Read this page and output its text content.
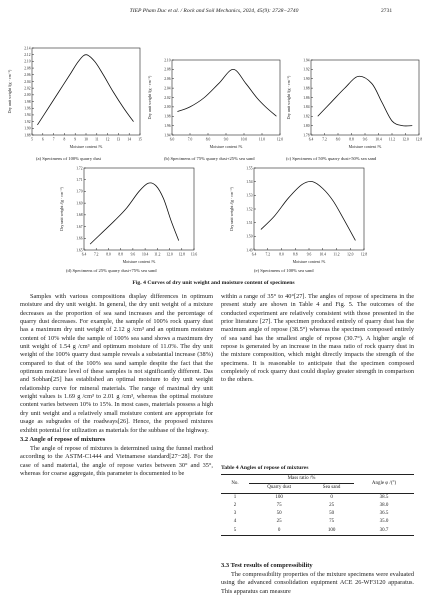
TIEP Pham Duc et al. / Rock and Soil Mechanics, 2024, 45(9): 2728−2740	2731
5	6	7	8	9 10 11 12 13 14 15
1.88
1.90
1.92
1.94
1.96
1.98
2.00
2.02
2.04
2.06
2.08
2.10
2.12
2.14
Moisture content /%
Dry unit weight /(g · cm⁻³)
6.0	7.0	8.0	9.0	10.0	11.0	12.0
1.94
1.96
1.98
2.00
2.02
2.04
2.06
2.08
2.10
Moisture content /%
Dry unit weight /(g · cm⁻³)
6.4	7.2	8.0	8.8	9.6 10.4 11.2 12.0 12.8
1.78
1.80
1.82
1.84
1.86
1.88
1.90
1.92
1.94
Moisture content /%
Dry unit weight /(g · cm⁻³)
6.4 7.2 8.0 8.8 9.6 10.4 11.2 12.0 12.8 13.6
1.65
1.66
1.67
1.68
1.69
1.70
1.71
1.72
Moisture content /%
Dry unit weight /(g · cm⁻³)
6.4	7.2	8.0	8.8	9.6 10.4 11.2 12.0 12.8
1.49
1.50
1.51
1.52
1.53
1.54
1.55
Moisture content /%
Dry unit weight /(g · cm⁻³)
(a) Specimens of 100% quarry dust	(b) Specimens of 75% quarry dust+25% sea sand	(c) Specimens of 50% quarry dust+50% sea sand
(d) Specimens of 25% quarry dust+75% sea sand	(e) Specimens of 100% sea sand
Fig. 4 Curves of dry unit weight and moisture content of specimens

Samples with various compositions display differences in optimum moisture and dry unit weight. In general, the dry unit weight of a mixture decreases as the proportion of sea sand increases and the percentage of quarry dust decreases. For example, the sample of 100% rock quarry dust has a maximum dry unit weight of 2.12 g /cm³ and an optimum moisture content of 10% while the sample of 100% sea sand shows a maximum dry unit weight of 1.54 g /cm³ and optimum moisture of 11.0%. The dry unit weight of the 100% quarry dust sample reveals a substantial increase (38%) compared to that of the 100% sea sand sample despite the fact that the optimum moisture level of these samples is not significantly different. Das and Sobhan[25] has established an optimal moisture to dry unit weight relationship curve for mineral materials. The range of maximal dry unit weight values is 1.69 g /cm³ to 2.01 g /cm³, whereas the optimal moisture content varies between 10% to 15%. In most cases, materials possess a high dry unit weight and a relatively small moisture content are appropriate for usage as subgrades of the roadways[26]. Hence, the proposed mixtures exhibit potential for utilization as materials for the subbase of the highway.

3.2 Angle of repose of mixtures

The angle of repose of mixtures is determined using the funnel method according to the ASTM-C1444 and Vietnamese standard[27−28]. For the case of sand material, the angle of repose varies between 30° and 35°, whereas for coarse aggregate, this parameter is documented to be

within a range of 35° to 40°[27]. The angles of repose of specimens in the present study are shown in Table 4 and Fig. 5. The outcomes of the conducted experiment are relatively consistent with those presented in the prior literature [27]. The specimen produced entirely of quarry dust has the maximum angle of repose (38.5°) whereas the specimen composed entirely of sea sand has the smallest angle of repose (30.7°). A higher angle of repose is generated by an increase in the mass ratio of rock quarry dust in the mixture composition, which might directly impacts the strength of the specimens. It is reasonable to anticipate that the specimen composed completely of rock quarry dust could display greater strength in comparison to the others.

Table 4 Angles of repose of mixtures
No.	Mass ratio /%		Angle φ /(°)
	Quarry dust	Sea sand	
1	100	0	38.5
2	75	25	38.0
3	50	50	36.5
4	25	75	35.0
5	0	100	30.7
3.3 Test results of compressibility

The compressibility properties of the mixture specimens were evaluated using the advanced consolidation equipment ACE 26-WF3120 apparatus. This apparatus can measure
